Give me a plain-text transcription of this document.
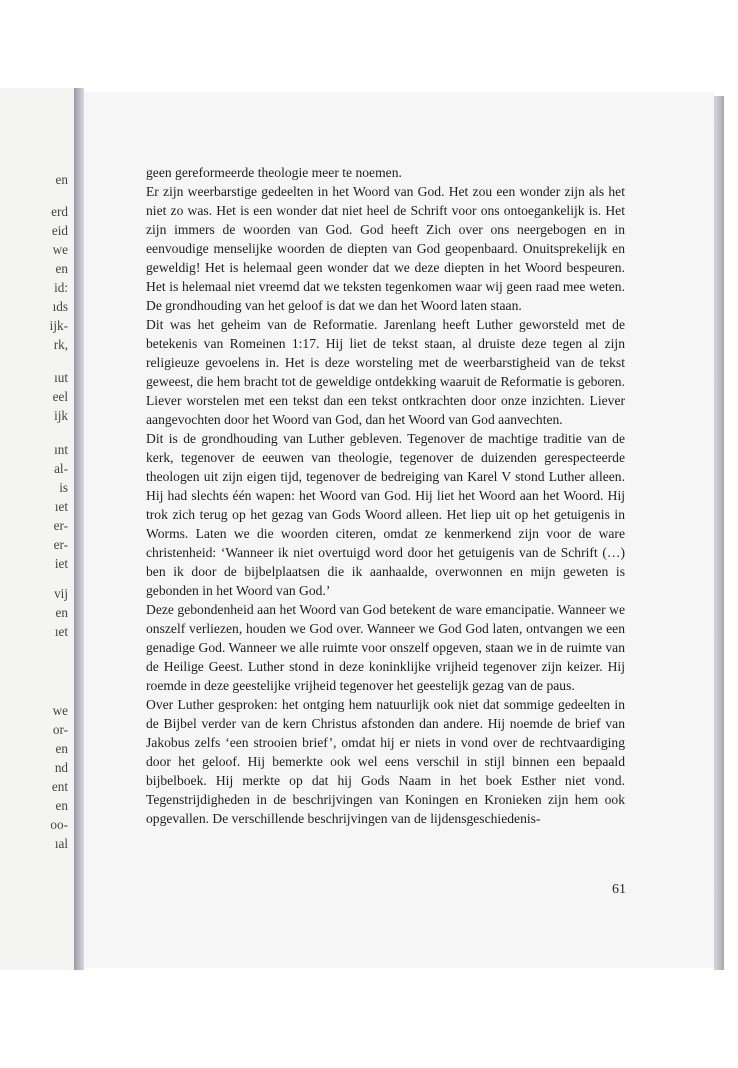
en
erd
eid
we
en
id:
ıds
ijk-
rk,
ıut
eel
ijk
ınt
al-
is
ıet
er-
er-
iet
vij
en
ıet
we
or-
en
nd
ent
en
oo-
ıal
geen gereformeerde theologie meer te noemen.
Er zijn weerbarstige gedeelten in het Woord van God. Het zou een wonder zijn als het niet zo was. Het is een wonder dat niet heel de Schrift voor ons ontoegankelijk is. Het zijn immers de woorden van God. God heeft Zich over ons neergebogen en in eenvoudige menselijke woorden de diepten van God geopenbaard. Onuitsprekelijk en geweldig! Het is helemaal geen wonder dat we deze diepten in het Woord bespeuren. Het is helemaal niet vreemd dat we teksten tegenkomen waar wij geen raad mee weten. De grondhouding van het geloof is dat we dan het Woord laten staan.
Dit was het geheim van de Reformatie. Jarenlang heeft Luther geworsteld met de betekenis van Romeinen 1:17. Hij liet de tekst staan, al druiste deze tegen al zijn religieuze gevoelens in. Het is deze worsteling met de weerbarstigheid van de tekst geweest, die hem bracht tot de geweldige ontdekking waaruit de Reformatie is geboren. Liever worstelen met een tekst dan een tekst ontkrachten door onze inzichten. Liever aangevochten door het Woord van God, dan het Woord van God aanvechten.
Dit is de grondhouding van Luther gebleven. Tegenover de machtige traditie van de kerk, tegenover de eeuwen van theologie, tegenover de duizenden gerespecteerde theologen uit zijn eigen tijd, tegenover de bedreiging van Karel V stond Luther alleen. Hij had slechts één wapen: het Woord van God. Hij liet het Woord aan het Woord. Hij trok zich terug op het gezag van Gods Woord alleen. Het liep uit op het getuigenis in Worms. Laten we die woorden citeren, omdat ze kenmerkend zijn voor de ware christenheid: ‘Wanneer ik niet overtuigd word door het getuigenis van de Schrift (…) ben ik door de bijbelplaatsen die ik aanhaalde, overwonnen en mijn geweten is gebonden in het Woord van God.’
Deze gebondenheid aan het Woord van God betekent de ware emancipatie. Wanneer we onszelf verliezen, houden we God over. Wanneer we God God laten, ontvangen we een genadige God. Wanneer we alle ruimte voor onszelf opgeven, staan we in de ruimte van de Heilige Geest. Luther stond in deze koninklijke vrijheid tegenover zijn keizer. Hij roemde in deze geestelijke vrijheid tegenover het geestelijk gezag van de paus.
Over Luther gesproken: het ontging hem natuurlijk ook niet dat sommige gedeelten in de Bijbel verder van de kern Christus afstonden dan andere. Hij noemde de brief van Jakobus zelfs ‘een strooien brief’, omdat hij er niets in vond over de rechtvaardiging door het geloof. Hij bemerkte ook wel eens verschil in stijl binnen een bepaald bijbelboek. Hij merkte op dat hij Gods Naam in het boek Esther niet vond. Tegenstrijdigheden in de beschrijvingen van Koningen en Kronieken zijn hem ook opgevallen. De verschillende beschrijvingen van de lijdensgeschiedenis-
61
